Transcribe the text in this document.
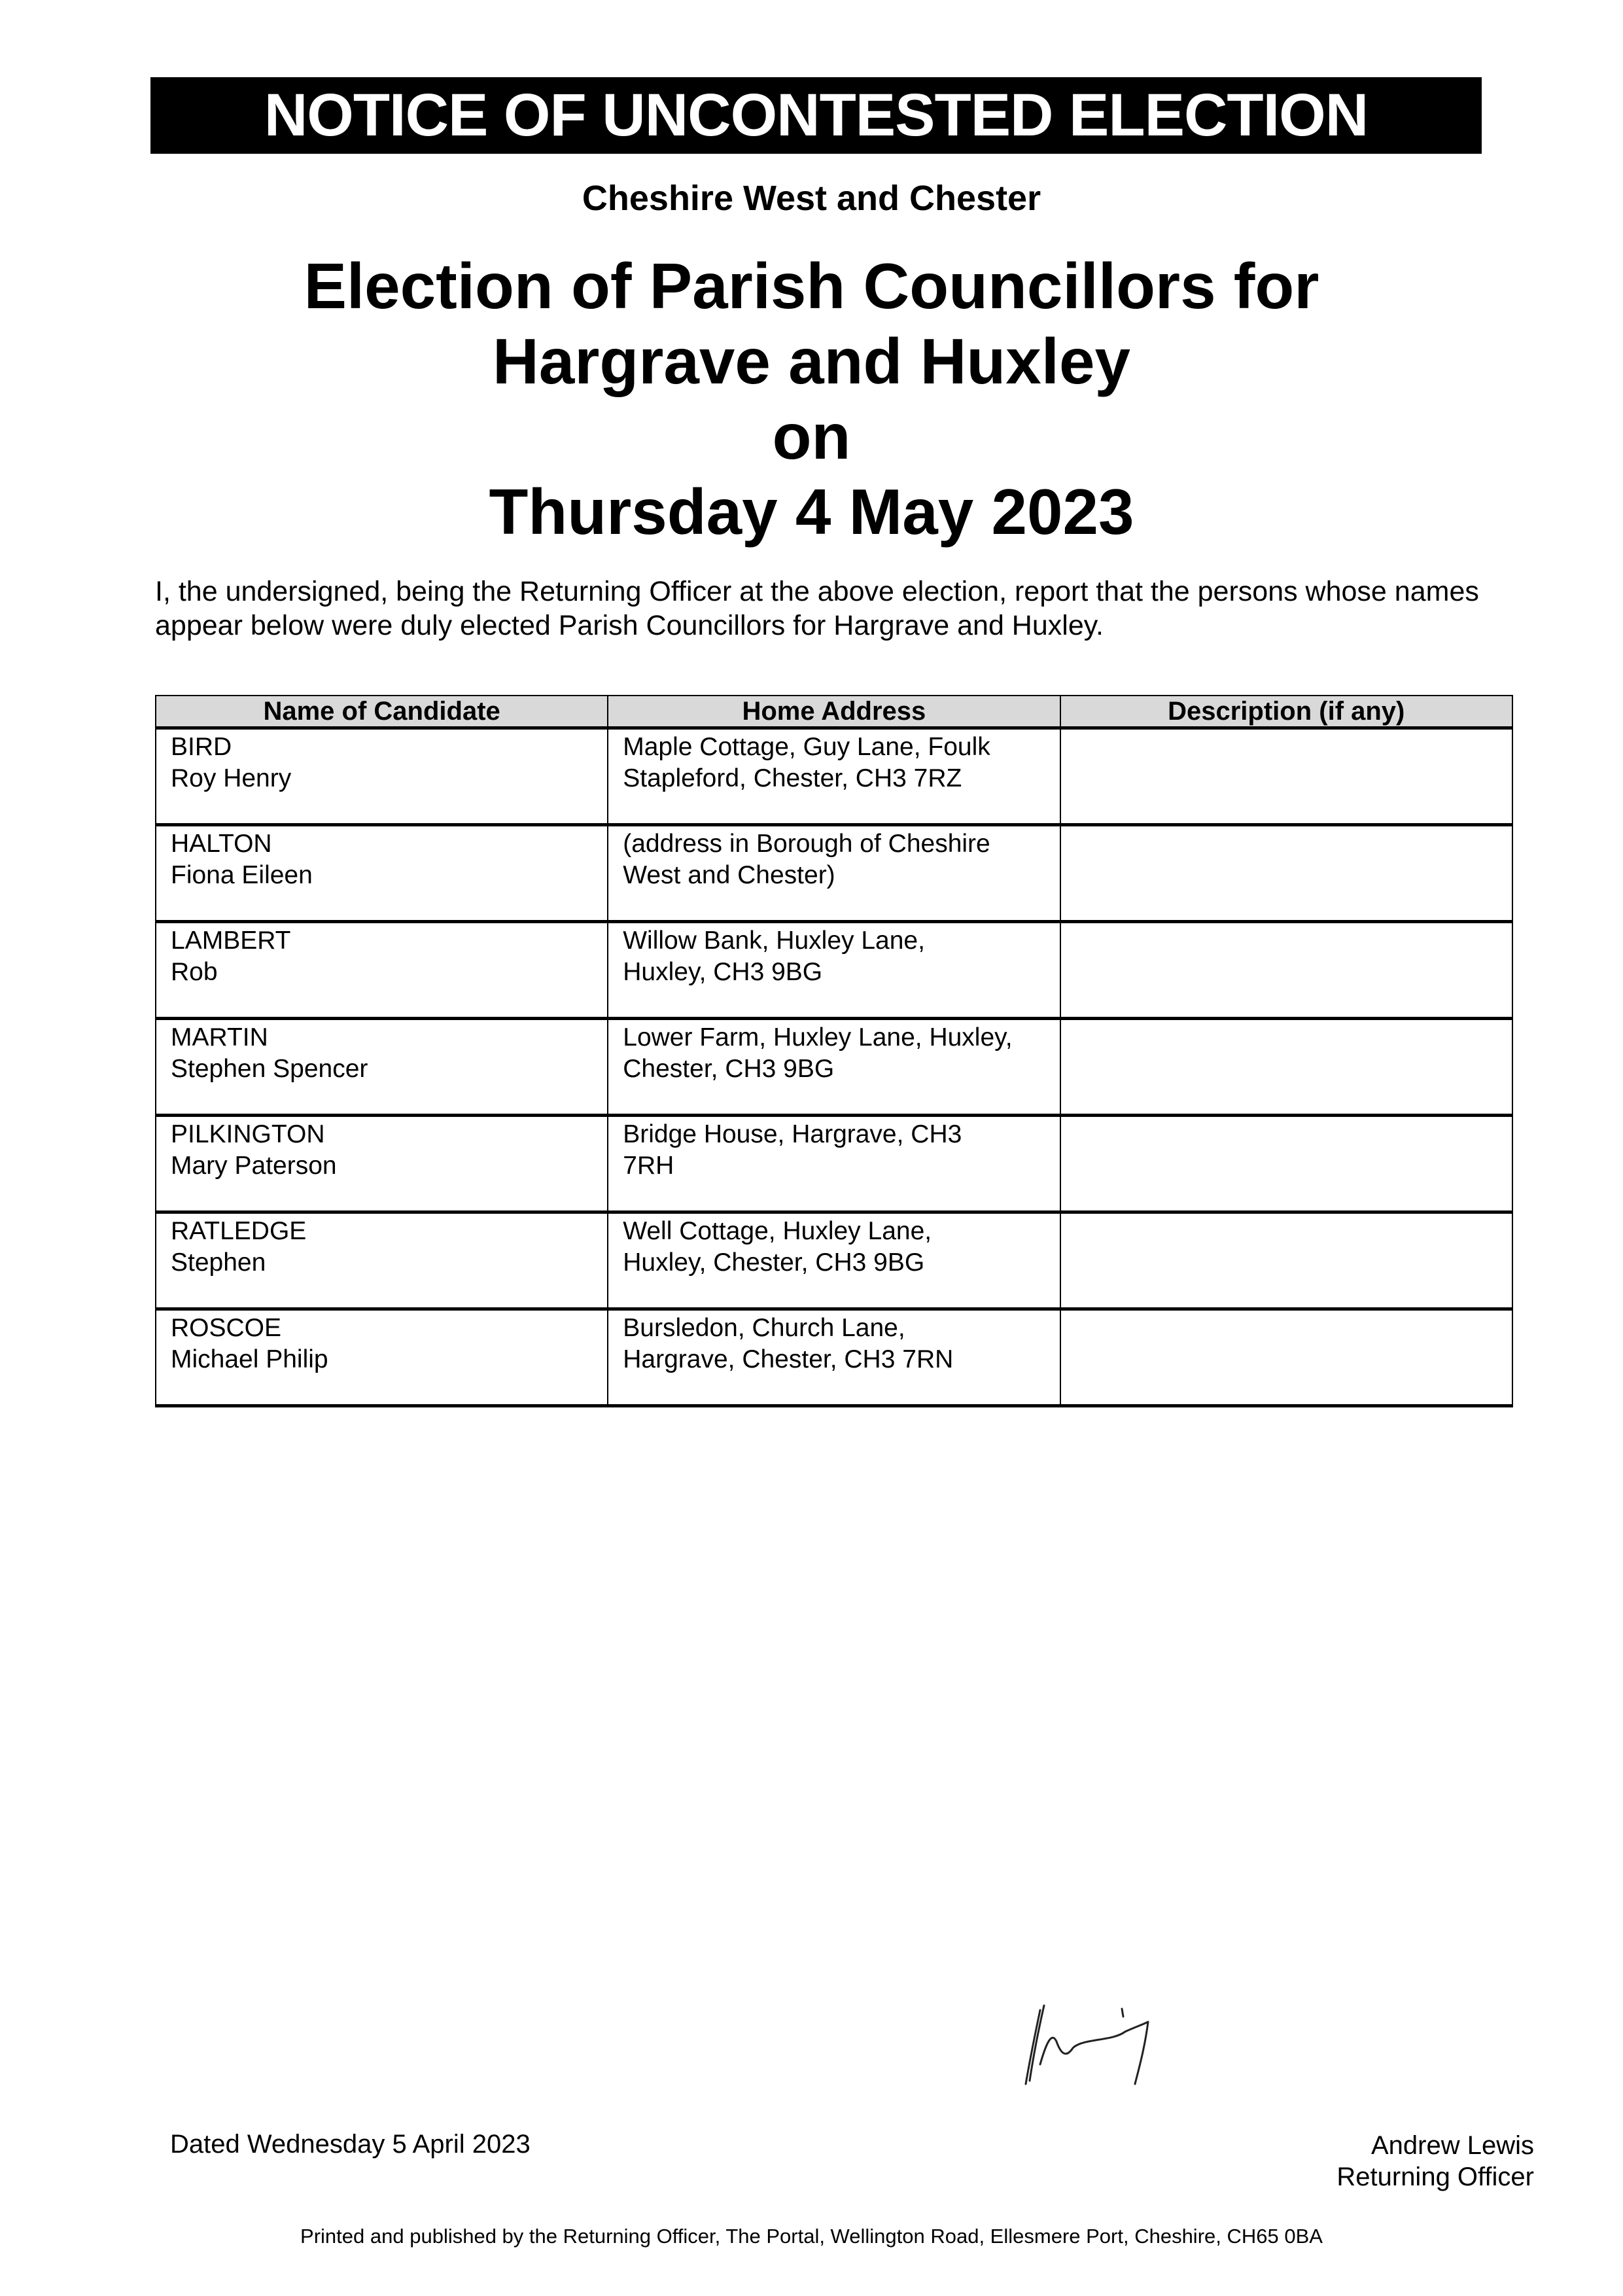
NOTICE OF UNCONTESTED ELECTION
Cheshire West and Chester
Election of Parish Councillors for
Hargrave and Huxley
on
Thursday 4 May 2023
I, the undersigned, being the Returning Officer at the above election, report that the persons whose names appear below were duly elected Parish Councillors for Hargrave and Huxley.
Name of Candidate	Home Address	Description (if any)

BIRD
Roy Henry	Maple Cottage, Guy Lane, Foulk
Stapleford, Chester, CH3 7RZ	

HALTON
Fiona Eileen	(address in Borough of Cheshire
West and Chester)	

LAMBERT
Rob	Willow Bank, Huxley Lane,
Huxley, CH3 9BG	

MARTIN
Stephen Spencer	Lower Farm, Huxley Lane, Huxley,
Chester, CH3 9BG	

PILKINGTON
Mary Paterson	Bridge House, Hargrave, CH3
7RH	

RATLEDGE
Stephen	Well Cottage, Huxley Lane,
Huxley, Chester, CH3 9BG	

ROSCOE
Michael Philip	Bursledon, Church Lane,
Hargrave, Chester, CH3 7RN	

Dated Wednesday 5 April 2023	Andrew Lewis
Returning Officer
Printed and published by the Returning Officer, The Portal, Wellington Road, Ellesmere Port, Cheshire, CH65 0BA
